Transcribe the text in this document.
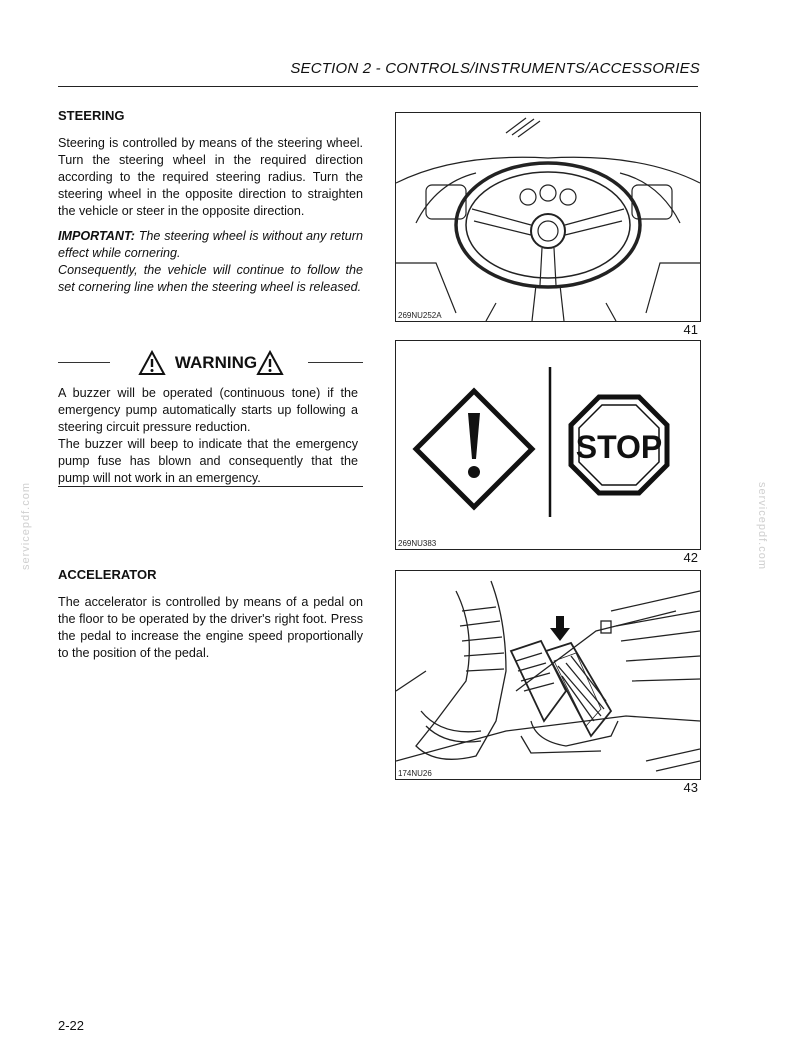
SECTION 2 - CONTROLS/INSTRUMENTS/ACCESSORIES
servicepdf.com	servicepdf.com
STEERING

Steering is controlled by means of the steering wheel. Turn the steering wheel in the required direction according to the required steering radius. Turn the steering wheel in the opposite direction to straighten the vehicle or steer in the opposite direction.

IMPORTANT: The steering wheel is without any return effect while cornering.

Consequently, the vehicle will continue to follow the set cornering line when the steering wheel is released.

WARNING

A buzzer will be operated (continuous tone) if the emergency pump automatically starts up following a steering circuit pressure reduction.

The buzzer will beep to indicate that the emergency pump fuse has blown and consequently that the pump will not work in an emergency.

ACCELERATOR

The accelerator is controlled by means of a pedal on the floor to be operated by the driver's right foot. Press the pedal to increase the engine speed proportionally to the position of the pedal.

269NU252A
41
STOP
269NU383
42
174NU26
43
2-22
